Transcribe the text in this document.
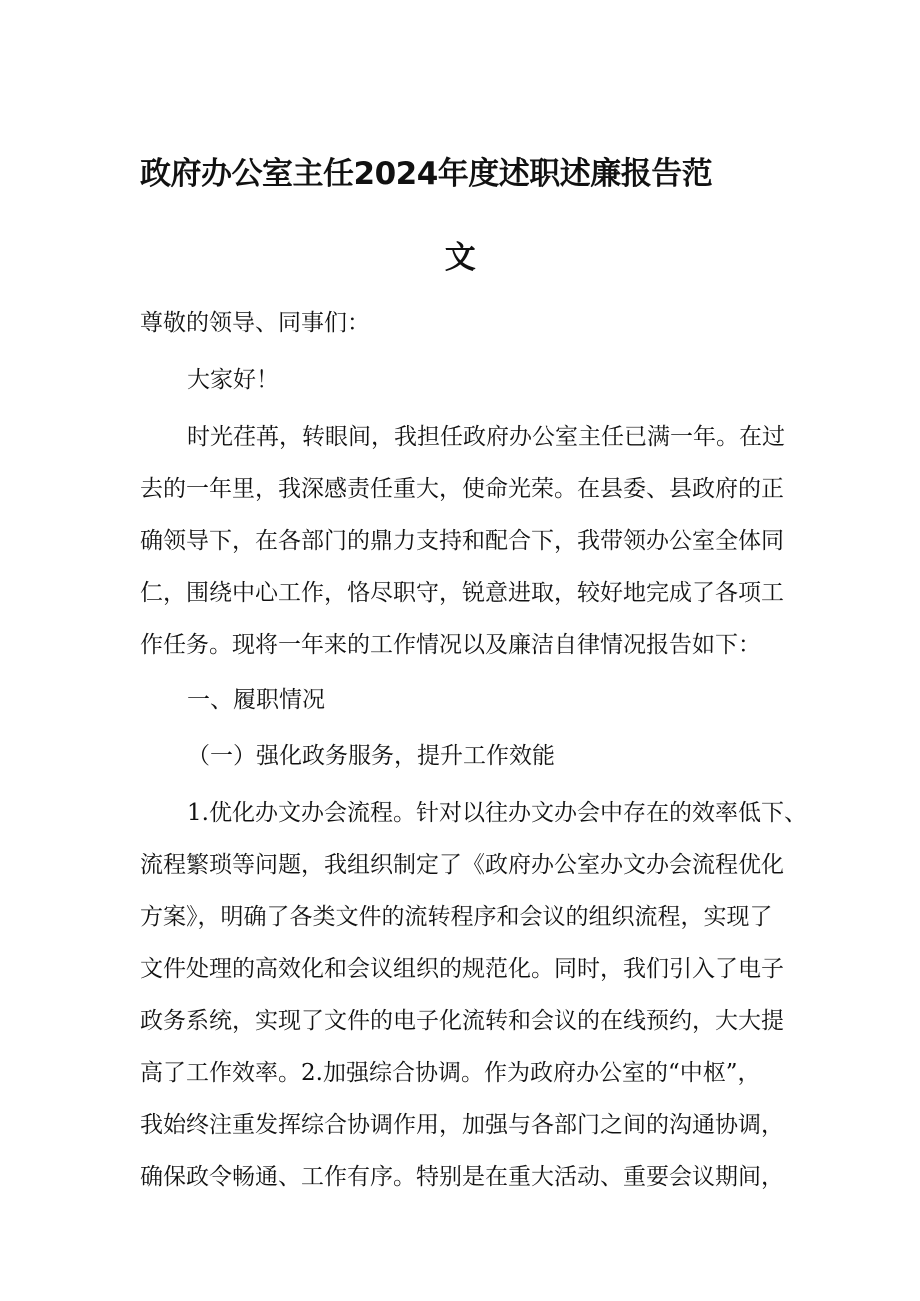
政府办公室主任2024年度述职述廉报告范
文
尊敬的领导、同事们：
大家好！
时光荏苒，转眼间，我担任政府办公室主任已满一年。在过
去的一年里，我深感责任重大，使命光荣。在县委、县政府的正
确领导下，在各部门的鼎力支持和配合下，我带领办公室全体同
仁，围绕中心工作，恪尽职守，锐意进取，较好地完成了各项工
作任务。现将一年来的工作情况以及廉洁自律情况报告如下：
一、履职情况
（一）强化政务服务，提升工作效能
1.优化办文办会流程。针对以往办文办会中存在的效率低下、
流程繁琐等问题，我组织制定了《政府办公室办文办会流程优化
方案》，明确了各类文件的流转程序和会议的组织流程，实现了
文件处理的高效化和会议组织的规范化。同时，我们引入了电子
政务系统，实现了文件的电子化流转和会议的在线预约，大大提
高了工作效率。2.加强综合协调。作为政府办公室的“中枢”，
我始终注重发挥综合协调作用，加强与各部门之间的沟通协调，
确保政令畅通、工作有序。特别是在重大活动、重要会议期间，
